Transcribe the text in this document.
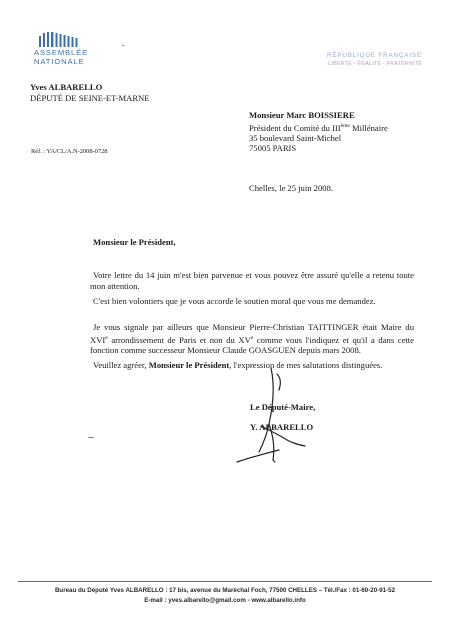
ASSEMBLÉE
NATIONALE
RÉPUBLIQUE FRANÇAISE
LIBERTÉ - ÉGALITÉ - FRATERNITÉ
Yves ALBARELLO
DÉPUTÉ DE SEINE-ET-MARNE
Monsieur Marc BOISSIERE
Président du Comité du IIIème Millénaire
35 boulevard Saint-Michel
75005 PARIS
Réf. : YA/CL/A.N-2008-0728
Chelles, le 25 juin 2008.
Monsieur le Président,
Votre lettre du 14 juin m'est bien parvenue et vous pouvez être assuré qu'elle a retenu toute mon attention.
C'est bien volontiers que je vous accorde le soutien moral que vous me demandez.
Je vous signale par ailleurs que Monsieur Pierre-Christian TAITTINGER était Maire du XVIe arrondissement de Paris et non du XVe comme vous l'indiquez et qu'il a dans cette fonction comme successeur Monsieur Claude GOASGUEN depuis mars 2008.
Veuillez agréer, Monsieur le Président, l'expression de mes salutations distinguées.
Le Député-Maire,
Y. ALBARELLO
Bureau du Député Yves ALBARELLO : 17 bis, avenue du Maréchal Foch, 77500 CHELLES – Tél./Fax : 01-60-20-91-52
E-mail : yves.albarello@gmail.com - www.albarello.info
